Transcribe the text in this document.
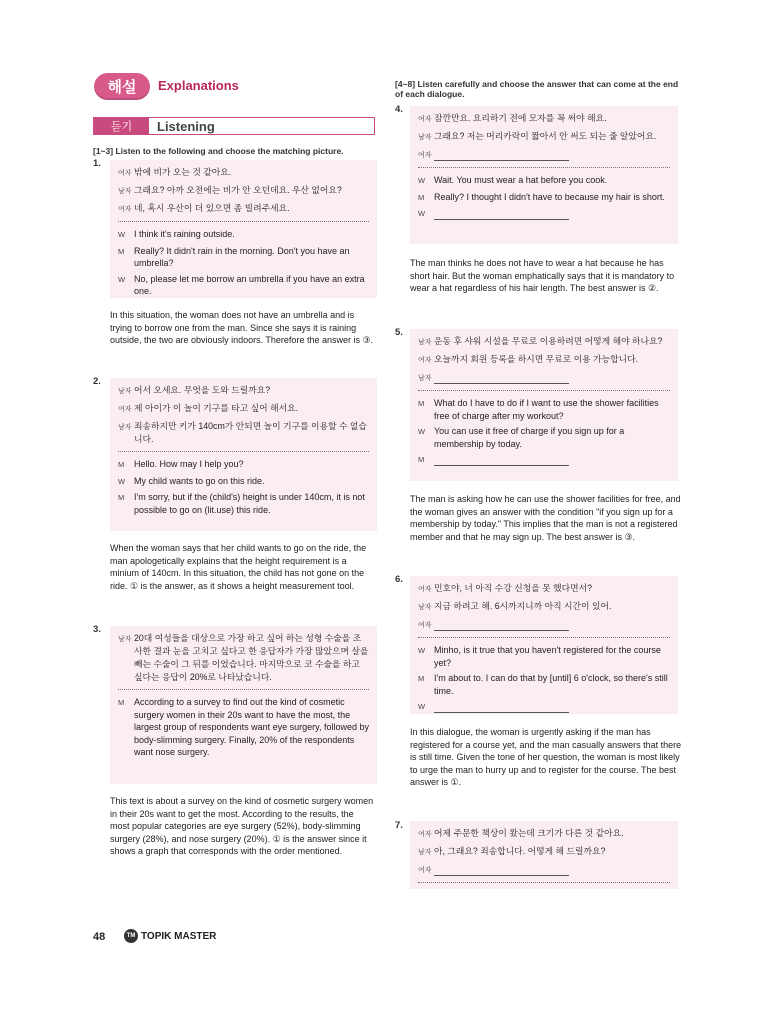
해설	Explanations
듣기	Listening
[1~3] Listen to the following and choose the matching picture.
1.
여자 밖에 비가 오는 것 같아요.
남자 그래요? 아까 오전에는 비가 안 오던데요. 우산 없어요?
여자 네, 혹시 우산이 더 있으면 좀 빌려주세요.
W I think it's raining outside.
M	Really? It didn't rain in the morning. Don't you have an umbrella?
W No, please let me borrow an umbrella if you have an extra one.
In this situation, the woman does not have an umbrella and is trying to borrow one from the man. Since she says it is raining outside, the two are obviously indoors. Therefore the answer is ③.
2.
남자 어서 오세요. 무엇을 도와 드릴까요?
여자 제 아이가 이 놀이 기구를 타고 싶어 해서요.
남자 죄송하지만 키가 140cm가 안되면 놀이 기구를 이용할 수 없습니다.
M	Hello. How may I help you?
W My child wants to go on this ride.
M	I'm sorry, but if the (child's) height is under 140cm, it is not possible to go on (lit.use) this ride.
When the woman says that her child wants to go on the ride, the man apologetically explains that the height requirement is a minium of 140cm. In this situation, the child has not gone on the ride. ① is the answer, as it shows a height measurement tool.
3.
남자 20대 여성들을 대상으로 가장 하고 싶어 하는 성형 수술을 조사한 결과 눈을 고치고 싶다고 한 응답자가 가장 많았으며 살을 빼는 수술이 그 뒤를 이었습니다. 마지막으로 코 수술을 하고 싶다는 응답이 20%로 나타났습니다.
M	According to a survey to find out the kind of cosmetic surgery women in their 20s want to have the most, the largest group of respondents want eye surgery, followed by body-slimming surgery. Finally, 20% of the respondents want nose surgery.
This text is about a survey on the kind of cosmetic surgery women in their 20s want to get the most. According to the results, the most popular categories are eye surgery (52%), body-slimming surgery (28%), and nose surgery (20%). ① is the answer since it shows a graph that corresponds with the order mentioned.
[4~8] Listen carefully and choose the answer that can come at the end of each dialogue.
4.
여자 잠깐만요. 요리하기 전에 모자를 꼭 써야 해요.
남자 그래요? 저는 머리카락이 짧아서 안 써도 되는 줄 알았어요.
여자
W Wait. You must wear a hat before you cook.
M	Really? I thought I didn't have to because my hair is short.
W
The man thinks he does not have to wear a hat because he has short hair. But the woman emphatically says that it is mandatory to wear a hat regardless of his hair length. The best answer is ②.
5.
남자 운동 후 샤워 시설을 무료로 이용하려면 어떻게 해야 하나요?
여자 오늘까지 회원 등록을 하시면 무료로 이용 가능합니다.
남자
M	What do I have to do if I want to use the shower facilities free of charge after my workout?
W You can use it free of charge if you sign up for a membership by today.
M
The man is asking how he can use the shower facilities for free, and the woman gives an answer with the condition "if you sign up for a membership by today." This implies that the man is not a registered member and that he may sign up. The best answer is ③.
6.
여자 민호야, 너 아직 수강 신청을 못 했다면서?
남자 지금 하려고 해. 6시까지니까 아직 시간이 있어.
여자
W Minho, is it true that you haven't registered for the course yet?
M	I'm about to. I can do that by [until] 6 o'clock, so there's still time.
W
In this dialogue, the woman is urgently asking if the man has registered for a course yet, and the man casually answers that there is still time. Given the tone of her question, the woman is most likely to urge the man to hurry up and to register for the course. The best answer is ①.
7.
여자 어제 주문한 책상이 왔는데 크기가 다른 것 같아요.
남자 아, 그래요? 죄송합니다. 어떻게 해 드릴까요?
여자
48	TM TOPIK MASTER
